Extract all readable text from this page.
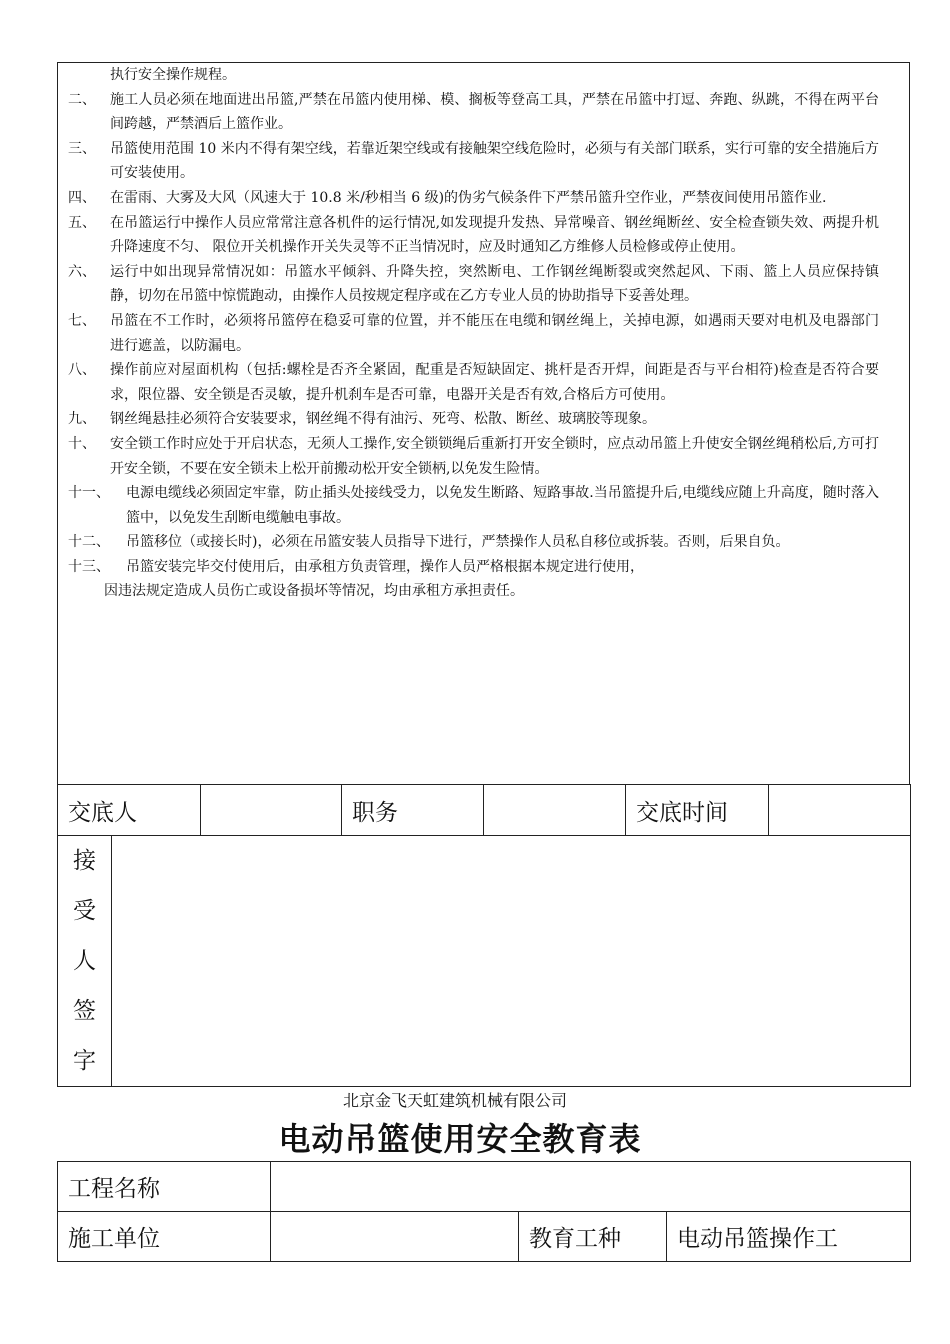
执行安全操作规程。
二、	施工人员必须在地面进出吊篮,严禁在吊篮内使用梯、模、搁板等登高工具，严禁在吊篮中打逗、奔跑、纵跳，不得在两平台间跨越，严禁酒后上篮作业。
三、	吊篮使用范围 10 米内不得有架空线，若靠近架空线或有接触架空线危险时，必须与有关部门联系，实行可靠的安全措施后方可安装使用。
四、	在雷雨、大雾及大风（风速大于 10.8 米/秒相当 6 级)的伪劣气候条件下严禁吊篮升空作业，严禁夜间使用吊篮作业.
五、	在吊篮运行中操作人员应常常注意各机件的运行情况,如发现提升发热、异常噪音、钢丝绳断丝、安全检查锁失效、两提升机升降速度不匀、 限位开关机操作开关失灵等不正当情况时，应及时通知乙方维修人员检修或停止使用。
六、	运行中如出现异常情况如：吊篮水平倾斜、升降失控，突然断电、工作钢丝绳断裂或突然起风、下雨、篮上人员应保持镇静，切勿在吊篮中惊慌跑动，由操作人员按规定程序或在乙方专业人员的协助指导下妥善处理。
七、	吊篮在不工作时，必须将吊篮停在稳妥可靠的位置，并不能压在电缆和钢丝绳上，关掉电源，如遇雨天要对电机及电器部门进行遮盖，以防漏电。
八、	操作前应对屋面机构（包括:螺栓是否齐全紧固，配重是否短缺固定、挑杆是否开焊，间距是否与平台相符)检查是否符合要求，限位器、安全锁是否灵敏，提升机刹车是否可靠，电器开关是否有效,合格后方可使用。
九、	钢丝绳悬挂必须符合安装要求，钢丝绳不得有油污、死弯、松散、断丝、玻璃胶等现象。
十、	安全锁工作时应处于开启状态，无须人工操作,安全锁锁绳后重新打开安全锁时，应点动吊篮上升使安全钢丝绳稍松后,方可打开安全锁，不要在安全锁未上松开前搬动松开安全锁柄,以免发生险情。
十一、	电源电缆线必须固定牢靠，防止插头处接线受力，以免发生断路、短路事故.当吊篮提升后,电缆线应随上升高度，随时落入篮中，以免发生刮断电缆触电事故。
十二、	吊篮移位（或接长时)，必须在吊篮安装人员指导下进行，严禁操作人员私自移位或拆装。否则，后果自负。
十三、	吊篮安装完毕交付使用后，由承租方负责管理，操作人员严格根据本规定进行使用，
因违法规定造成人员伤亡或设备损坏等情况，均由承租方承担责任。
交底人		职务		交底时间	
接
受
人
签
字

北京金飞天虹建筑机械有限公司
电动吊篮使用安全教育表
工程名称			
施工单位		教育工种	电动吊篮操作工
